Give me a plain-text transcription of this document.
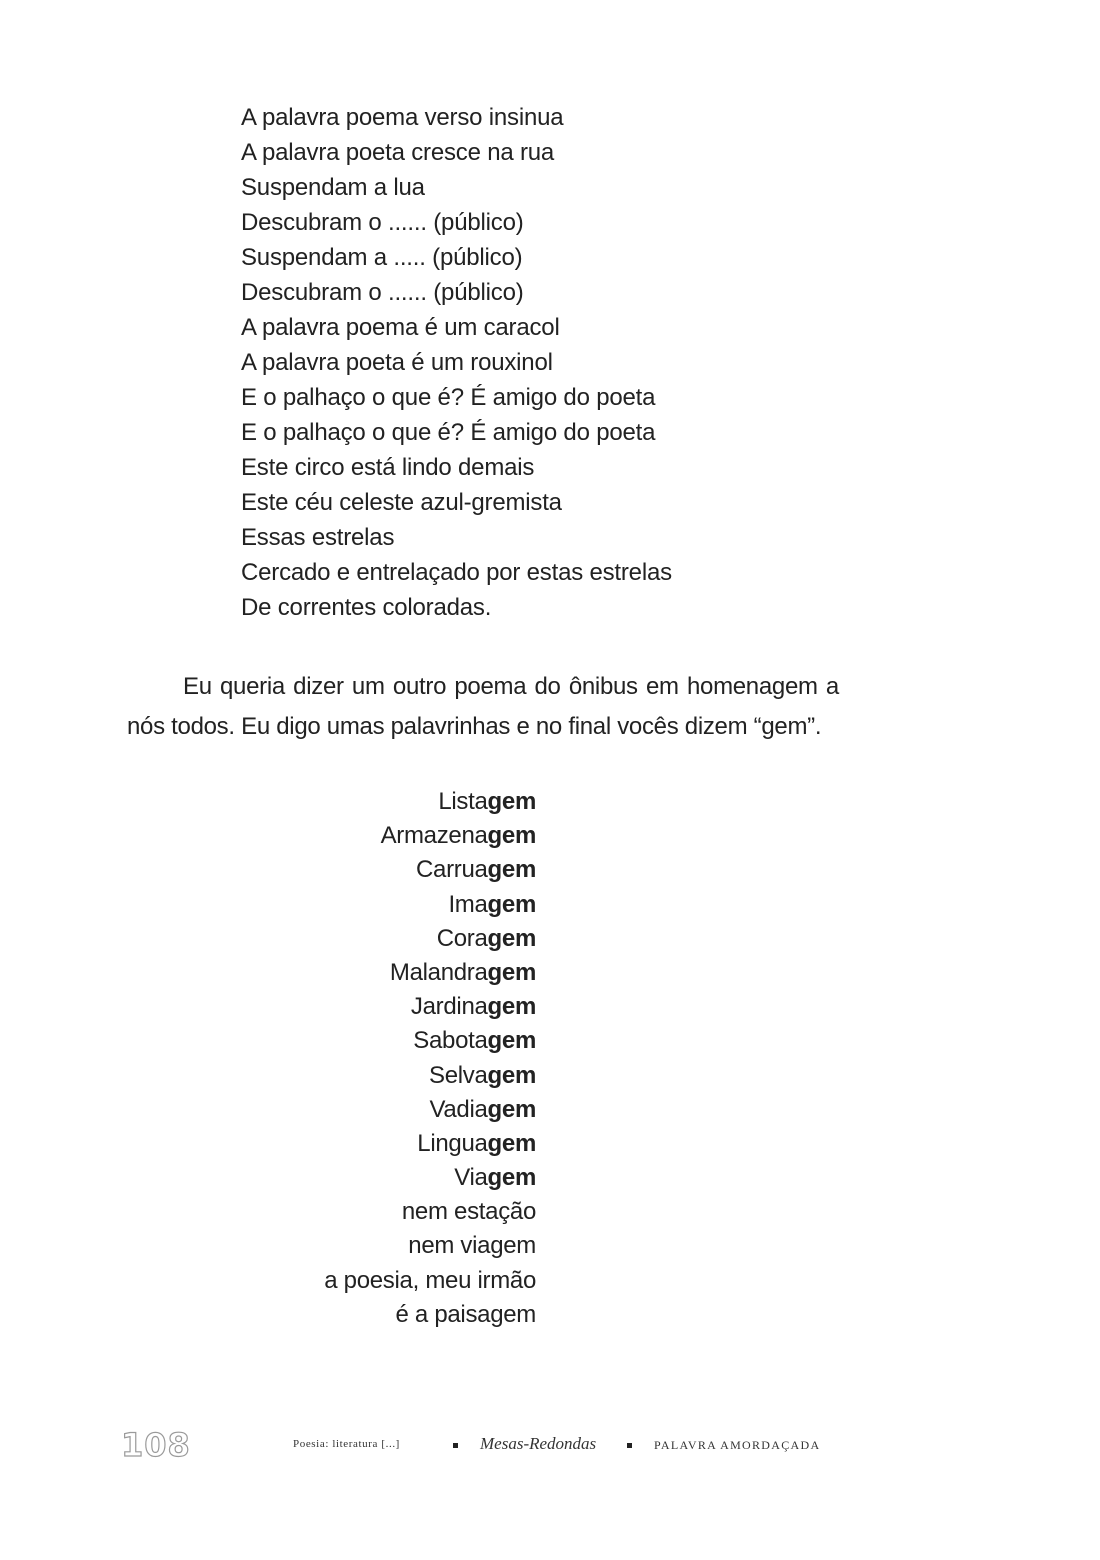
A palavra poema verso insinua
A palavra poeta cresce na rua
Suspendam a lua
Descubram o ...... (público)
Suspendam a ..... (público)
Descubram o ...... (público)
A palavra poema é um caracol
A palavra poeta é um rouxinol
E o palhaço o que é? É amigo do poeta
E o palhaço o que é? É amigo do poeta
Este circo está lindo demais
Este céu celeste azul-gremista
Essas estrelas
Cercado e entrelaçado por estas estrelas
De correntes coloradas.

Eu queria dizer um outro poema do ônibus em homenagem a nós todos. Eu digo umas palavrinhas e no final vocês dizem “gem”.

Listagem
Armazenagem
Carruagem
Imagem
Coragem
Malandragem
Jardinagem
Sabotagem
Selvagem
Vadiagem
Linguagem
Viagem
nem estação
nem viagem
a poesia, meu irmão
é a paisagem
108	Poesia: literatura [...]	Mesas-Redondas	PALAVRA AMORDAÇADA
